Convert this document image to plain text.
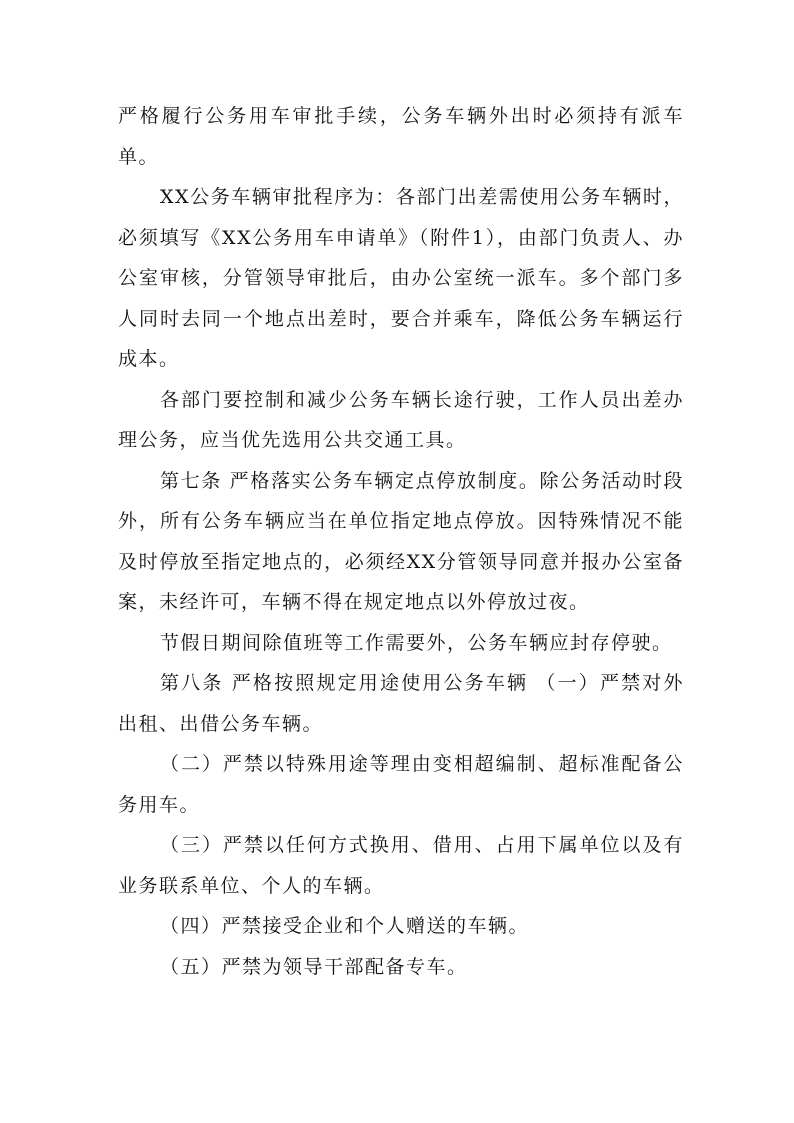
严格履行公务用车审批手续，公务车辆外出时必须持有派车单。

XX公务车辆审批程序为：各部门出差需使用公务车辆时，必须填写《XX公务用车申请单》（附件1），由部门负责人、办公室审核，分管领导审批后，由办公室统一派车。多个部门多人同时去同一个地点出差时，要合并乘车，降低公务车辆运行成本。

各部门要控制和减少公务车辆长途行驶，工作人员出差办理公务，应当优先选用公共交通工具。

第七条 严格落实公务车辆定点停放制度。除公务活动时段外，所有公务车辆应当在单位指定地点停放。因特殊情况不能及时停放至指定地点的，必须经XX分管领导同意并报办公室备案，未经许可，车辆不得在规定地点以外停放过夜。

节假日期间除值班等工作需要外，公务车辆应封存停驶。

第八条 严格按照规定用途使用公务车辆 （一）严禁对外出租、出借公务车辆。

（二）严禁以特殊用途等理由变相超编制、超标准配备公务用车。

（三）严禁以任何方式换用、借用、占用下属单位以及有业务联系单位、个人的车辆。

（四）严禁接受企业和个人赠送的车辆。

（五）严禁为领导干部配备专车。
